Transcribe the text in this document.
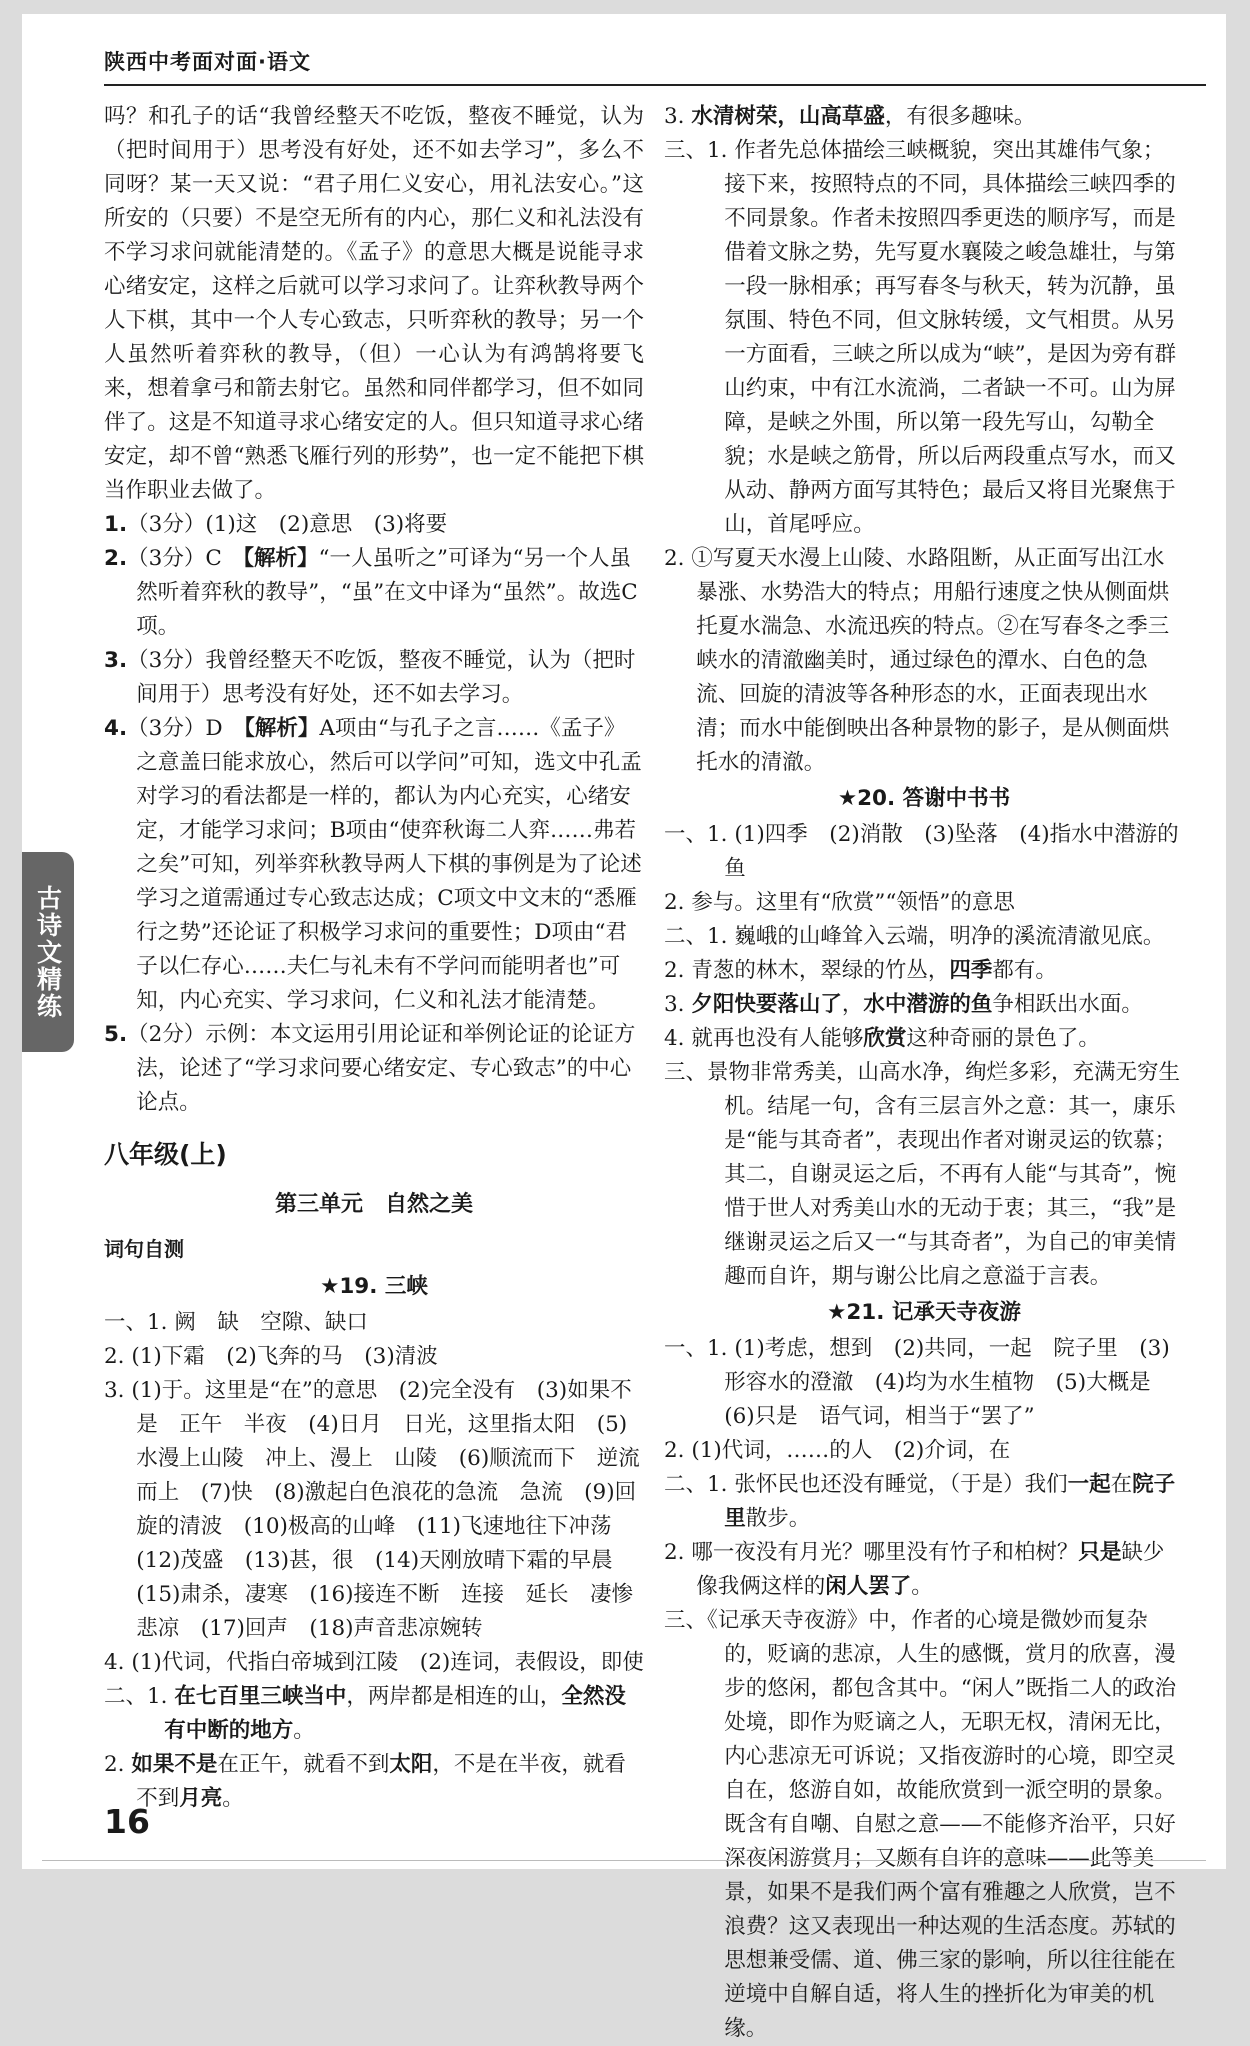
陕西中考面对面·语文
古诗文精练

吗？和孔子的话“我曾经整天不吃饭，整夜不睡觉，认为（把时间用于）思考没有好处，还不如去学习”，多么不同呀？某一天又说：“君子用仁义安心，用礼法安心。”这所安的（只要）不是空无所有的内心，那仁义和礼法没有不学习求问就能清楚的。《孟子》的意思大概是说能寻求心绪安定，这样之后就可以学习求问了。让弈秋教导两个人下棋，其中一个人专心致志，只听弈秋的教导；另一个人虽然听着弈秋的教导，（但）一心认为有鸿鹄将要飞来，想着拿弓和箭去射它。虽然和同伴都学习，但不如同伴了。这是不知道寻求心绪安定的人。但只知道寻求心绪安定，却不曾“熟悉飞雁行列的形势”，也一定不能把下棋当作职业去做了。

1.（3分）(1)这　(2)意思　(3)将要

2.（3分）C　【解析】“一人虽听之”可译为“另一个人虽然听着弈秋的教导”，“虽”在文中译为“虽然”。故选C项。

3.（3分）我曾经整天不吃饭，整夜不睡觉，认为（把时间用于）思考没有好处，还不如去学习。

4.（3分）D　【解析】A项由“与孔子之言……《孟子》之意盖曰能求放心，然后可以学问”可知，选文中孔孟对学习的看法都是一样的，都认为内心充实，心绪安定，才能学习求问；B项由“使弈秋诲二人弈……弗若之矣”可知，列举弈秋教导两人下棋的事例是为了论述学习之道需通过专心致志达成；C项文中文末的“悉雁行之势”还论证了积极学习求问的重要性；D项由“君子以仁存心……夫仁与礼未有不学问而能明者也”可知，内心充实、学习求问，仁义和礼法才能清楚。

5.（2分）示例：本文运用引用论证和举例论证的论证方法，论述了“学习求问要心绪安定、专心致志”的中心论点。

八年级(上)
第三单元　自然之美
词句自测
★19. 三峡

一、1. 阙　缺　空隙、缺口

2. (1)下霜　(2)飞奔的马　(3)清波

3. (1)于。这里是“在”的意思　(2)完全没有　(3)如果不是　正午　半夜　(4)日月　日光，这里指太阳　(5)水漫上山陵　冲上、漫上　山陵　(6)顺流而下　逆流而上　(7)快　(8)激起白色浪花的急流　急流　(9)回旋的清波　(10)极高的山峰　(11)飞速地往下冲荡　(12)茂盛　(13)甚，很　(14)天刚放晴下霜的早晨　(15)肃杀，凄寒　(16)接连不断　连接　延长　凄惨悲凉　(17)回声　(18)声音悲凉婉转

4. (1)代词，代指白帝城到江陵　(2)连词，表假设，即使

二、1. 在七百里三峡当中，两岸都是相连的山，全然没有中断的地方。

2. 如果不是在正午，就看不到太阳，不是在半夜，就看不到月亮。

3. 水清树荣，山高草盛，有很多趣味。

三、1. 作者先总体描绘三峡概貌，突出其雄伟气象；接下来，按照特点的不同，具体描绘三峡四季的不同景象。作者未按照四季更迭的顺序写，而是借着文脉之势，先写夏水襄陵之峻急雄壮，与第一段一脉相承；再写春冬与秋天，转为沉静，虽氛围、特色不同，但文脉转缓，文气相贯。从另一方面看，三峡之所以成为“峡”，是因为旁有群山约束，中有江水流淌，二者缺一不可。山为屏障，是峡之外围，所以第一段先写山，勾勒全貌；水是峡之筋骨，所以后两段重点写水，而又从动、静两方面写其特色；最后又将目光聚焦于山，首尾呼应。

2. ①写夏天水漫上山陵、水路阻断，从正面写出江水暴涨、水势浩大的特点；用船行速度之快从侧面烘托夏水湍急、水流迅疾的特点。②在写春冬之季三峡水的清澈幽美时，通过绿色的潭水、白色的急流、回旋的清波等各种形态的水，正面表现出水清；而水中能倒映出各种景物的影子，是从侧面烘托水的清澈。

★20. 答谢中书书

一、1. (1)四季　(2)消散　(3)坠落　(4)指水中潜游的鱼

2. 参与。这里有“欣赏”“领悟”的意思

二、1. 巍峨的山峰耸入云端，明净的溪流清澈见底。

2. 青葱的林木，翠绿的竹丛，四季都有。

3. 夕阳快要落山了，水中潜游的鱼争相跃出水面。

4. 就再也没有人能够欣赏这种奇丽的景色了。

三、景物非常秀美，山高水净，绚烂多彩，充满无穷生机。结尾一句，含有三层言外之意：其一，康乐是“能与其奇者”，表现出作者对谢灵运的钦慕；其二，自谢灵运之后，不再有人能“与其奇”，惋惜于世人对秀美山水的无动于衷；其三，“我”是继谢灵运之后又一“与其奇者”，为自己的审美情趣而自许，期与谢公比肩之意溢于言表。

★21. 记承天寺夜游

一、1. (1)考虑，想到　(2)共同，一起　院子里　(3)形容水的澄澈　(4)均为水生植物　(5)大概是　(6)只是　语气词，相当于“罢了”

2. (1)代词，……的人　(2)介词，在

二、1. 张怀民也还没有睡觉，（于是）我们一起在院子里散步。

2. 哪一夜没有月光？哪里没有竹子和柏树？只是缺少像我俩这样的闲人罢了。

三、《记承天寺夜游》中，作者的心境是微妙而复杂的，贬谪的悲凉，人生的感慨，赏月的欣喜，漫步的悠闲，都包含其中。“闲人”既指二人的政治处境，即作为贬谪之人，无职无权，清闲无比，内心悲凉无可诉说；又指夜游时的心境，即空灵自在，悠游自如，故能欣赏到一派空明的景象。既含有自嘲、自慰之意——不能修齐治平，只好深夜闲游赏月；又颇有自许的意味——此等美景，如果不是我们两个富有雅趣之人欣赏，岂不浪费？这又表现出一种达观的生活态度。苏轼的思想兼受儒、道、佛三家的影响，所以往往能在逆境中自解自适，将人生的挫折化为审美的机缘。

16
